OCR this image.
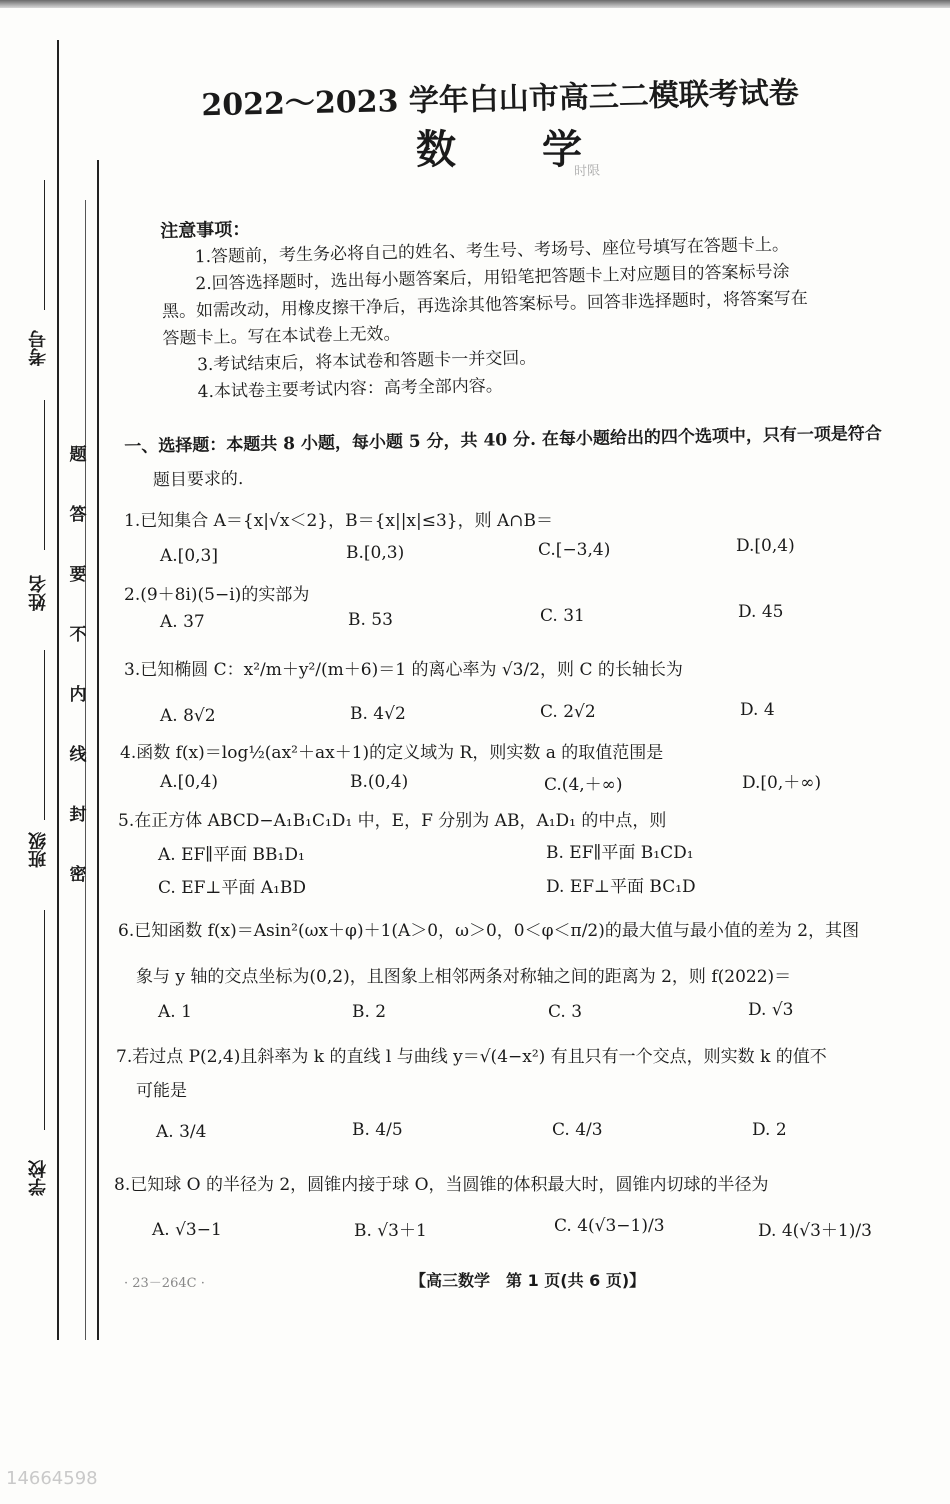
考号
姓名
班级
学校
题
答
要
不
内
线
封
密
2022～2023 学年白山市高三二模联考试卷
数　　学
时限
注意事项：
1.答题前，考生务必将自己的姓名、考生号、考场号、座位号填写在答题卡上。
2.回答选择题时，选出每小题答案后，用铅笔把答题卡上对应题目的答案标号涂
黑。如需改动，用橡皮擦干净后，再选涂其他答案标号。回答非选择题时，将答案写在
答题卡上。写在本试卷上无效。
3.考试结束后，将本试卷和答题卡一并交回。
4.本试卷主要考试内容：高考全部内容。
一、选择题：本题共 8 小题，每小题 5 分，共 40 分. 在每小题给出的四个选项中，只有一项是符合
题目要求的.
1.已知集合 A＝{x|√x＜2}，B＝{x||x|≤3}，则 A∩B＝
A.[0,3]	B.[0,3)	C.[−3,4)	D.[0,4)
2.(9＋8i)(5−i)的实部为
A. 37	B. 53	C. 31	D. 45
3.已知椭圆 C：x²/m＋y²/(m＋6)＝1 的离心率为 √3/2，则 C 的长轴长为
A. 8√2	B. 4√2	C. 2√2	D. 4
4.函数 f(x)＝log½(ax²＋ax＋1)的定义域为 R，则实数 a 的取值范围是
A.[0,4)	B.(0,4)	C.(4,＋∞)	D.[0,＋∞)
5.在正方体 ABCD−A₁B₁C₁D₁ 中，E，F 分别为 AB，A₁D₁ 的中点，则
A. EF∥平面 BB₁D₁	B. EF∥平面 B₁CD₁
C. EF⊥平面 A₁BD	D. EF⊥平面 BC₁D
6.已知函数 f(x)＝Asin²(ωx＋φ)＋1(A＞0，ω＞0，0＜φ＜π/2)的最大值与最小值的差为 2，其图
象与 y 轴的交点坐标为(0,2)，且图象上相邻两条对称轴之间的距离为 2，则 f(2022)＝
A. 1	B. 2	C. 3	D. √3
7.若过点 P(2,4)且斜率为 k 的直线 l 与曲线 y＝√(4−x²) 有且只有一个交点，则实数 k 的值不
可能是
A. 3/4	B. 4/5	C. 4/3	D. 2
8.已知球 O 的半径为 2，圆锥内接于球 O，当圆锥的体积最大时，圆锥内切球的半径为
A. √3−1	B. √3＋1	C. 4(√3−1)/3	D. 4(√3＋1)/3
· 23－264C ·	【高三数学　第 1 页(共 6 页)】
14664598
